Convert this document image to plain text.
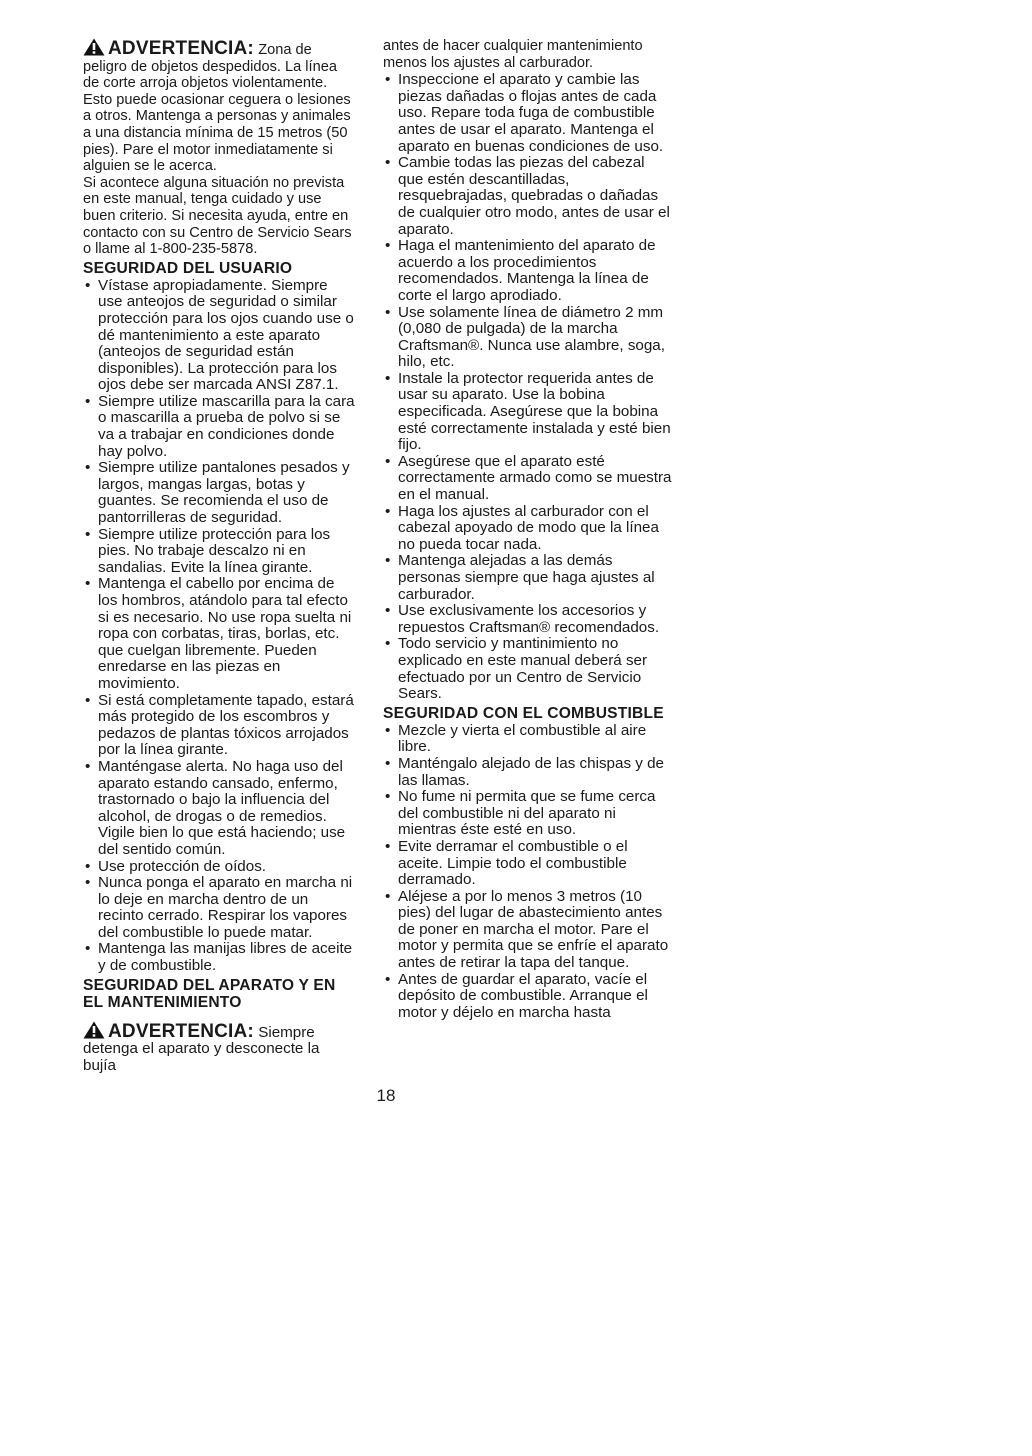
ADVERTENCIA: Zona de peligro de objetos despedidos. La línea de corte arroja objetos violentamente. Esto puede ocasionar ceguera o lesiones a otros. Mantenga a personas y animales a una distancia mínima de 15 metros (50 pies). Pare el motor inmediatamente si alguien se le acerca.

Si acontece alguna situación no prevista en este manual, tenga cuidado y use buen criterio. Si necesita ayuda, entre en contacto con su Centro de Servicio Sears o llame al 1-800-235-5878.

SEGURIDAD DEL USUARIO
• Vístase apropiadamente. Siempre use anteojos de seguridad o similar protección para los ojos cuando use o dé mantenimiento a este aparato (anteojos de seguridad están disponibles). La protección para los ojos debe ser marcada ANSI Z87.1.
• Siempre utilize mascarilla para la cara o mascarilla a prueba de polvo si se va a trabajar en condiciones donde hay polvo.
• Siempre utilize pantalones pesados y largos, mangas largas, botas y guantes. Se recomienda el uso de pantorrilleras de seguridad.
• Siempre utilize protección para los pies. No trabaje descalzo ni en sandalias. Evite la línea girante.
• Mantenga el cabello por encima de los hombros, atándolo para tal efecto si es necesario. No use ropa suelta ni ropa con corbatas, tiras, borlas, etc. que cuelgan libremente. Pueden enredarse en las piezas en movimiento.
• Si está completamente tapado, estará más protegido de los escombros y pedazos de plantas tóxicos arrojados por la línea girante.
• Manténgase alerta. No haga uso del aparato estando cansado, enfermo, trastornado o bajo la influencia del alcohol, de drogas o de remedios. Vigile bien lo que está haciendo; use del sentido común.
• Use protección de oídos.
• Nunca ponga el aparato en marcha ni lo deje en marcha dentro de un recinto cerrado. Respirar los vapores del combustible lo puede matar.
• Mantenga las manijas libres de aceite y de combustible.
SEGURIDAD DEL APARATO Y EN EL MANTENIMIENTO

ADVERTENCIA: Siempre detenga el aparato y desconecte la bujía

antes de hacer cualquier mantenimiento menos los ajustes al carburador.

• Inspeccione el aparato y cambie las piezas dañadas o flojas antes de cada uso. Repare toda fuga de combustible antes de usar el aparato. Mantenga el aparato en buenas condiciones de uso.
• Cambie todas las piezas del cabezal que estén descantilladas, resquebrajadas, quebradas o dañadas de cualquier otro modo, antes de usar el aparato.
• Haga el mantenimiento del aparato de acuerdo a los procedimientos recomendados. Mantenga la línea de corte el largo aprodiado.
• Use solamente línea de diámetro 2 mm (0,080 de pulgada) de la marcha Craftsman®. Nunca use alambre, soga, hilo, etc.
• Instale la protector requerida antes de usar su aparato. Use la bobina especificada. Asegúrese que la bobina esté correctamente instalada y esté bien fijo.
• Asegúrese que el aparato esté correctamente armado como se muestra en el manual.
• Haga los ajustes al carburador con el cabezal apoyado de modo que la línea no pueda tocar nada.
• Mantenga alejadas a las demás personas siempre que haga ajustes al carburador.
• Use exclusivamente los accesorios y repuestos Craftsman® recomendados.
• Todo servicio y mantinimiento no explicado en este manual deberá ser efectuado por un Centro de Servicio Sears.
SEGURIDAD CON EL COMBUSTIBLE
• Mezcle y vierta el combustible al aire libre.
• Manténgalo alejado de las chispas y de las llamas.
• No fume ni permita que se fume cerca del combustible ni del aparato ni mientras éste esté en uso.
• Evite derramar el combustible o el aceite. Limpie todo el combustible derramado.
• Aléjese a por lo menos 3 metros (10 pies) del lugar de abastecimiento antes de poner en marcha el motor. Pare el motor y permita que se enfríe el aparato antes de retirar la tapa del tanque.
• Antes de guardar el aparato, vacíe el depósito de combustible. Arranque el motor y déjelo en marcha hasta
18
